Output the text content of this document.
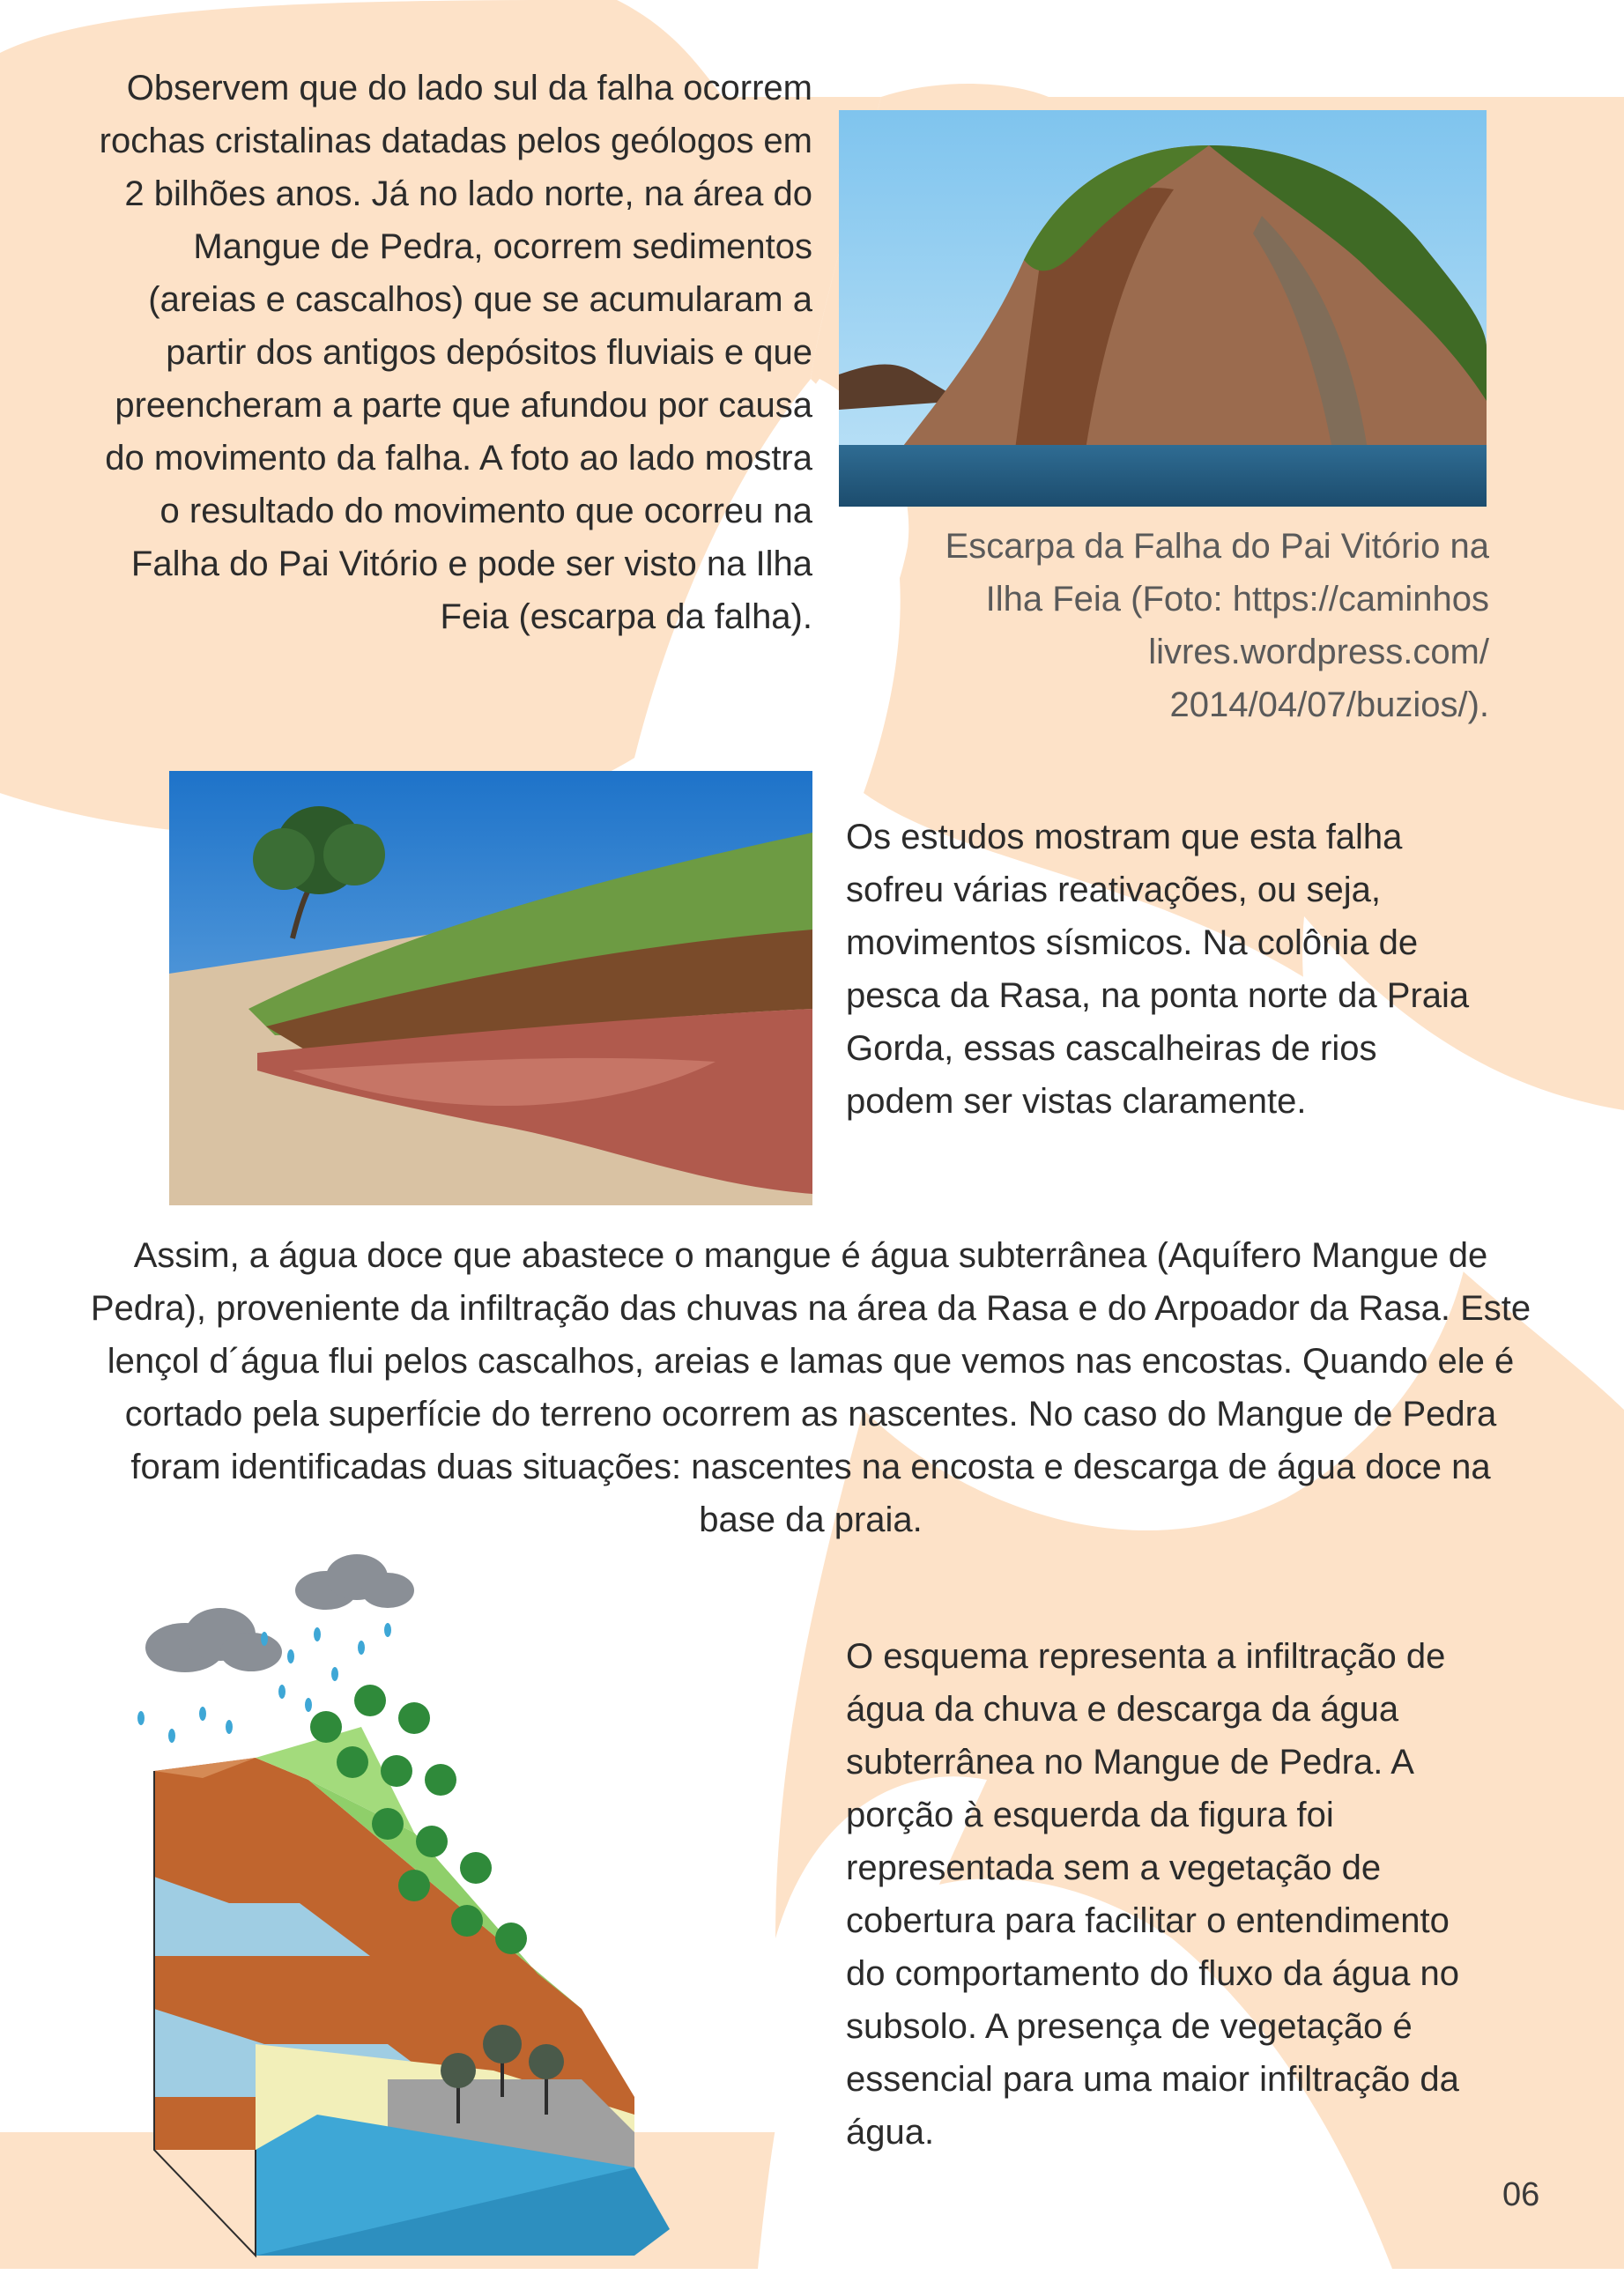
Observem que do lado sul da falha ocorrem rochas cristalinas datadas pelos geólogos em 2 bilhões anos. Já no lado norte, na área do Mangue de Pedra, ocorrem sedimentos (areias e cascalhos) que se acumularam a partir dos antigos depósitos fluviais e que preencheram a parte que afundou por causa do movimento da falha. A foto ao lado mostra o resultado do movimento que ocorreu na Falha do Pai Vitório e pode ser visto na Ilha Feia (escarpa da falha).

Escarpa da Falha do Pai Vitório na Ilha Feia (Foto: https://caminhos livres.wordpress.com/ 2014/04/07/buzios/).

Os estudos mostram que esta falha sofreu várias reativações, ou seja, movimentos sísmicos. Na colônia de pesca da Rasa, na ponta norte da Praia Gorda, essas cascalheiras de rios podem ser vistas claramente.

Assim, a água doce que abastece o mangue é água subterrânea (Aquífero Mangue de Pedra), proveniente da infiltração das chuvas na área da Rasa e do Arpoador da Rasa. Este lençol d´água flui pelos cascalhos, areias e lamas que vemos nas encostas. Quando ele é cortado pela superfície do terreno ocorrem as nascentes. No caso do Mangue de Pedra foram identificadas duas situações: nascentes na encosta e descarga de água doce na base da praia.

O esquema representa a infiltração de água da chuva e descarga da água subterrânea no Mangue de Pedra. A porção à esquerda da figura foi representada sem a vegetação de cobertura para facilitar o entendimento do comportamento do fluxo da água no subsolo. A presença de vegetação é essencial para uma maior infiltração da água.

06
